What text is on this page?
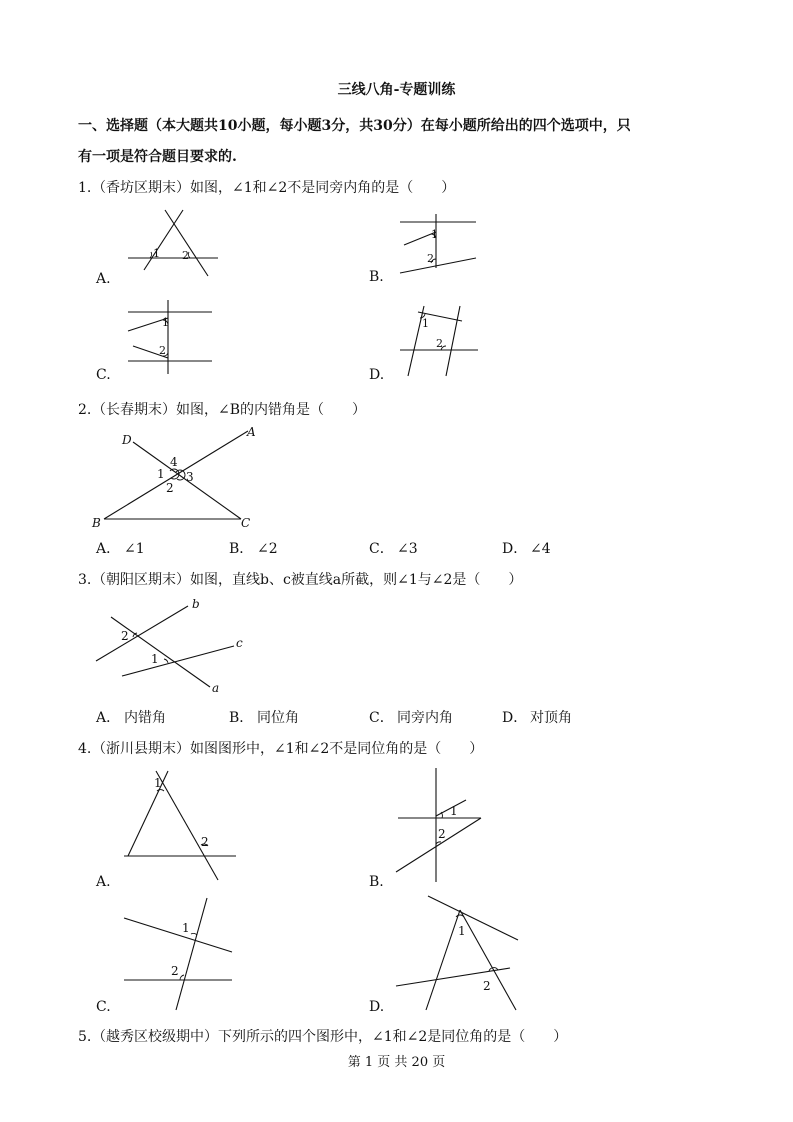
三线八角-专题训练
一、选择题（本大题共10小题，每小题3分，共30分）在每小题所给出的四个选项中，只
有一项是符合题目要求的.
1. （香坊区期末）如图，∠1和∠2不是同旁内角的是（　　）
A.
1 2
B.
1
2
C.
1
2
D.
1
2
2. （长春期末）如图，∠B的内错角是（　　）
D
A
B	C
4
1 3
2
A． ∠1	B． ∠2	C． ∠3	D． ∠4
3. （朝阳区期末）如图，直线b、c被直线a所截，则∠1与∠2是（　　）
b
c
a
2
1
A． 内错角	B． 同位角	C． 同旁内角	D． 对顶角
4. （浙川县期末）如图图形中，∠1和∠2不是同位角的是（　　）
A.
1
2
B.
1
2
C.
1
2
D.
1
2
5. （越秀区校级期中）下列所示的四个图形中，∠1和∠2是同位角的是（　　）
第 1 页 共 20 页
